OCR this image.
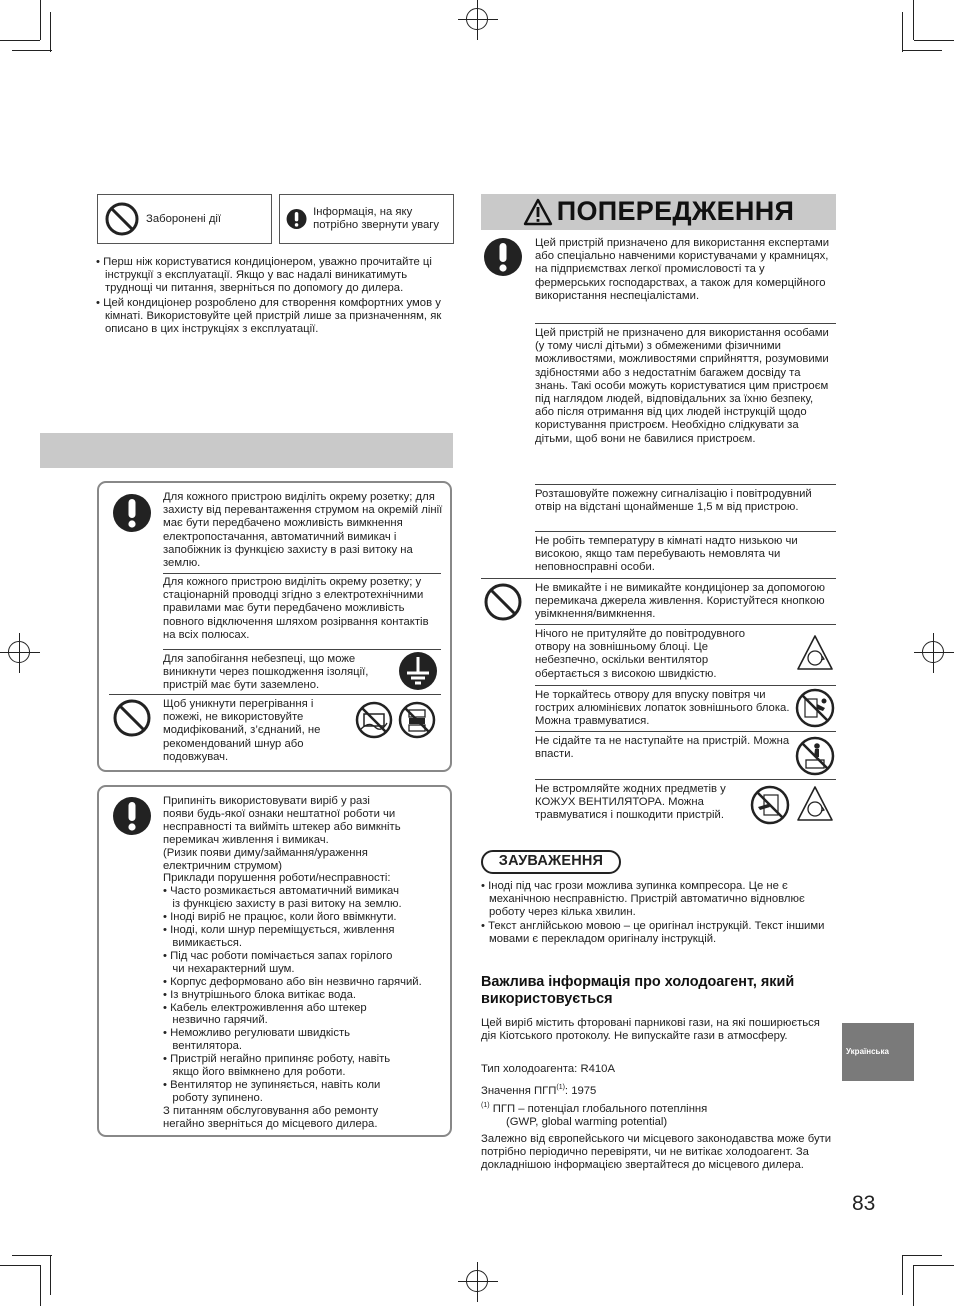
Заборонені дії
Інформація, на яку потрібно звернути увагу
• Перш ніж користуватися кондиціонером, уважно прочитайте ці інструкції з експлуатації. Якщо у вас надалі виникатимуть труднощі чи питання, зверніться по допомогу до дилера.
• Цей кондиціонер розроблено для створення комфортних умов у кімнаті. Використовуйте цей пристрій лише за призначенням, як описано в цих інструкціях з експлуатації.
Для кожного пристрою виділіть окрему розетку; для захисту від перевантаження струмом на окремій лінії має бути передбачено можливість вимкнення електропостачання, автоматичний вимикач і запобіжник із функцією захисту в разі витоку на землю.
Для кожного пристрою виділіть окрему розетку; у стаціонарній проводці згідно з електротехнічними правилами має бути передбачено можливість повного відключення шляхом розірвання контактів на всіх полюсах.
Для запобігання небезпеці, що може виникнути через пошкодження ізоляції, пристрій має бути заземлено.
Щоб уникнути перегрівання і пожежі, не використовуйте модифікований, з’єднаний, не рекомендований шнур або подовжувач.
Припиніть використовувати виріб у разі
появи будь-якої ознаки нештатної роботи чи
несправності та вийміть штекер або вимкніть
перемикач живлення і вимикач.
(Ризик появи диму/займання/ураження
електричним струмом)
Приклади порушення роботи/несправності:
• Часто розмикається автоматичний вимикач
із функцією захисту в разі витоку на землю.
• Іноді виріб не працює, коли його ввімкнути.
• Іноді, коли шнур переміщується, живлення
вимикається.
• Під час роботи помічається запах горілого
чи нехарактерний шум.
• Корпус деформовано або він незвично гарячий.
• Із внутрішнього блока витікає вода.
• Кабель електроживлення або штекер
незвично гарячий.
• Неможливо регулювати швидкість
вентилятора.
• Пристрій негайно припиняє роботу, навіть
якщо його ввімкнено для роботи.
• Вентилятор не зупиняється, навіть коли
роботу зупинено.
З питанням обслуговування або ремонту
негайно зверніться до місцевого дилера.
ПОПЕРЕДЖЕННЯ
Цей пристрій призначено для використання експертами або спеціально навченими користувачами у крамницях, на підприємствах легкої промисловості та у фермерських господарствах, а також для комерційного використання неспеціалістами.
Цей пристрій не призначено для використання особами (у тому числі дітьми) з обмеженими фізичними можливостями, можливостями сприйняття, розумовими здібностями або з недостатнім багажем досвіду та знань. Такі особи можуть користуватися цим пристроєм під наглядом людей, відповідальних за їхню безпеку, або після отримання від цих людей інструкцій щодо користування пристроєм. Необхідно слідкувати за дітьми, щоб вони не бавилися пристроєм.
Розташовуйте пожежну сигналізацію і повітродувний отвір на відстані щонайменше 1,5 м від пристрою.
Не робіть температуру в кімнаті надто низькою чи високою, якщо там перебувають немовлята чи неповносправні особи.
Не вмикайте і не вимикайте кондиціонер за допомогою перемикача джерела живлення. Користуйтеся кнопкою увімкнення/вимкнення.
Нічого не притуляйте до повітродувного отвору на зовнішньому блоці. Це небезпечно, оскільки вентилятор обертається з високою швидкістю.
Не торкайтесь отвору для впуску повітря чи гострих алюмінієвих лопаток зовнішнього блока. Можна травмуватися.
Не сідайте та не наступайте на пристрій. Можна впасти.
Не встромляйте жодних предметів у КОЖУХ ВЕНТИЛЯТОРА. Можна травмуватися і пошкодити пристрій.
ЗАУВАЖЕННЯ
• Іноді під час грози можлива зупинка компресора. Це не є механічною несправністю. Пристрій автоматично відновлює роботу через кілька хвилин.
• Текст англійською мовою – це оригінал інструкцій. Текст іншими мовами є перекладом оригіналу інструкцій.
Важлива інформація про холодоагент, який використовується
Цей виріб містить фторовані парникові гази, на які поширюється дія Кіотського протоколу. Не випускайте гази в атмосферу.
Тип холодоагента: R410A
Значення ПГП$^{(1)}$: 1975
$^{(1)}$ ПГП – потенціал глобального потепління
(GWP, global warming potential)
Залежно від європейського чи місцевого законодавства може бути потрібно періодично перевіряти, чи не витікає холодоагент. За докладнішою інформацією звертайтеся до місцевого дилера.
Українська
83
